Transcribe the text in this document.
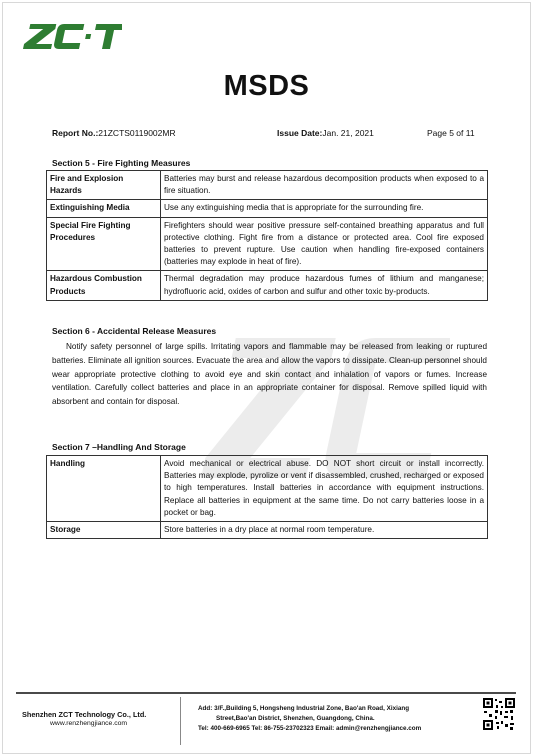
MSDS
Report No.:21ZCTS0119002MR	Issue Date:Jan. 21, 2021	Page 5 of 11
Section 5 - Fire Fighting Measures
Fire and Explosion Hazards	Batteries may burst and release hazardous decomposition products when exposed to a fire situation.
Extinguishing Media	Use any extinguishing media that is appropriate for the surrounding fire.
Special Fire Fighting Procedures	Firefighters should wear positive pressure self-contained breathing apparatus and full protective clothing. Fight fire from a distance or protected area. Cool fire exposed batteries to prevent rupture. Use caution when handling fire-exposed containers (batteries may explode in heat of fire).
Hazardous Combustion Products	Thermal degradation may produce hazardous fumes of lithium and manganese; hydrofluoric acid, oxides of carbon and sulfur and other toxic by-products.
Section 6 - Accidental Release Measures
Notify safety personnel of large spills. Irritating vapors and flammable may be released from leaking or ruptured batteries. Eliminate all ignition sources. Evacuate the area and allow the vapors to dissipate. Clean-up personnel should wear appropriate protective clothing to avoid eye and skin contact and inhalation of vapors or fumes. Increase ventilation. Carefully collect batteries and place in an appropriate container for disposal. Remove spilled liquid with absorbent and contain for disposal.
Section 7 –Handling And Storage
Handling	Avoid mechanical or electrical abuse. DO NOT short circuit or install incorrectly. Batteries may explode, pyrolize or vent if disassembled, crushed, recharged or exposed to high temperatures. Install batteries in accordance with equipment instructions. Replace all batteries in equipment at the same time. Do not carry batteries loose in a pocket or bag.
Storage	Store batteries in a dry place at normal room temperature.
Shenzhen ZCT Technology Co., Ltd.
www.renzhengjiance.com
Add: 3/F.,Building 5, Hongsheng Industrial Zone, Bao'an Road, Xixiang
Street,Bao'an District, Shenzhen, Guangdong, China.
Tel: 400-669-6965 Tel: 86-755-23702323 Email: admin@renzhengjiance.com
